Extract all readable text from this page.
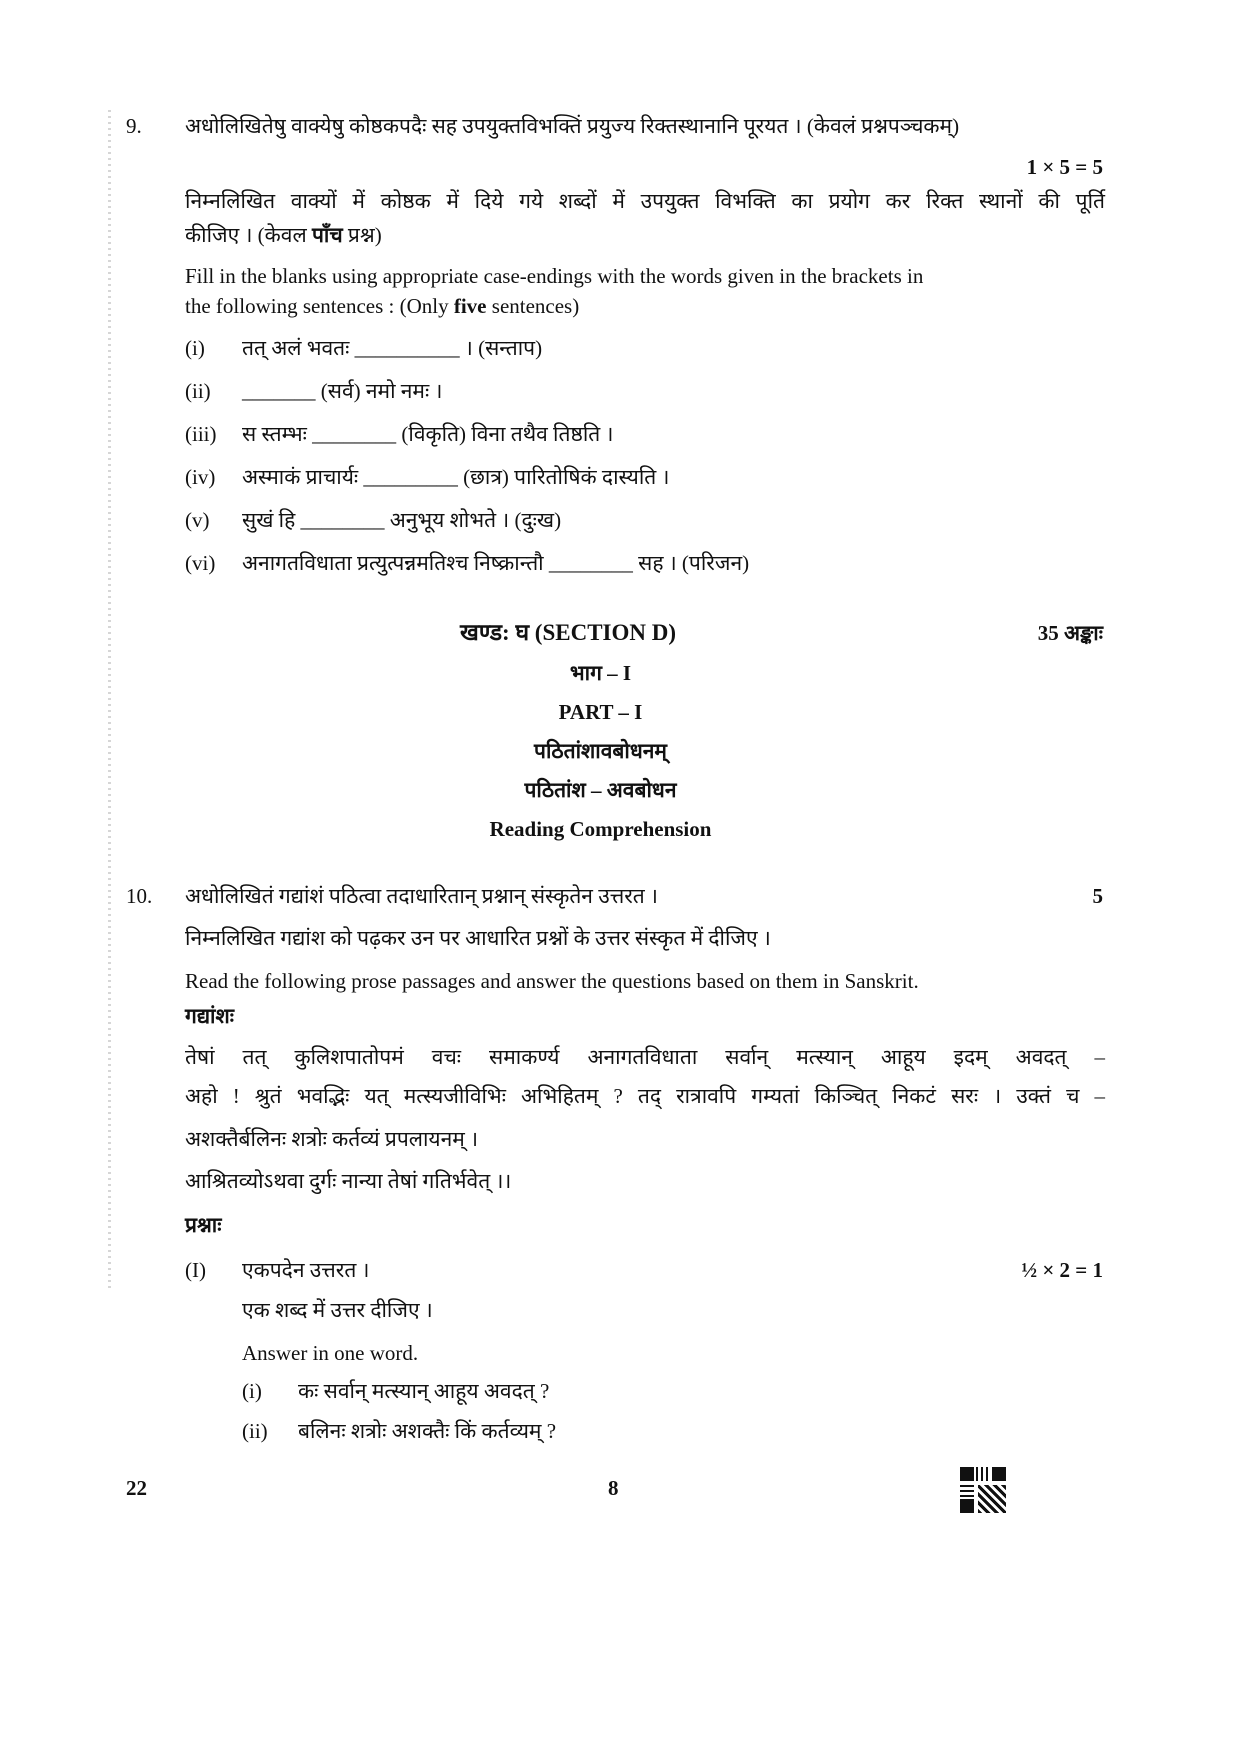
9. अधोलिखितेषु वाक्येषु कोष्ठकपदैः सह उपयुक्तविभक्तिं प्रयुज्य रिक्तस्थानानि पूरयत । (केवलं प्रश्नपञ्चकम्)
1 × 5 = 5
निम्नलिखित वाक्यों में कोष्ठक में दिये गये शब्दों में उपयुक्त विभक्ति का प्रयोग कर रिक्त स्थानों की पूर्ति
कीजिए । (केवल पाँच प्रश्न)
Fill in the blanks using appropriate case-endings with the words given in the brackets in
the following sentences : (Only five sentences)
(i) तत् अलं भवतः __________ । (सन्ताप)
(ii) _______ (सर्व) नमो नमः ।
(iii) स स्तम्भः ________ (विकृति) विना तथैव तिष्ठति ।
(iv) अस्माकं प्राचार्यः _________ (छात्र) पारितोषिकं दास्यति ।
(v) सुखं हि ________ अनुभूय शोभते । (दुःख)
(vi) अनागतविधाता प्रत्युत्पन्नमतिश्च निष्क्रान्तौ ________ सह । (परिजन)
खण्ड: घ (SECTION D)	35 अङ्काः
भाग – I
PART – I
पठितांशावबोधनम्
पठितांश – अवबोधन
Reading Comprehension
10. अधोलिखितं गद्यांशं पठित्वा तदाधारितान् प्रश्नान् संस्कृतेन उत्तरत ।	5
निम्नलिखित गद्यांश को पढ़कर उन पर आधारित प्रश्नों के उत्तर संस्कृत में दीजिए ।
Read the following prose passages and answer the questions based on them in Sanskrit.
गद्यांशः
तेषां तत् कुलिशपातोपमं वचः समाकर्ण्य अनागतविधाता सर्वान् मत्स्यान् आहूय इदम् अवदत् –
अहो ! श्रुतं भवद्भिः यत् मत्स्यजीविभिः अभिहितम् ? तद् रात्रावपि गम्यतां किञ्चित् निकटं सरः । उक्तं च –
अशक्तैर्बलिनः शत्रोः कर्तव्यं प्रपलायनम् ।
आश्रितव्योऽथवा दुर्गः नान्या तेषां गतिर्भवेत् ।।
प्रश्नाः
(I) एकपदेन उत्तरत ।	½ × 2 = 1
एक शब्द में उत्तर दीजिए ।
Answer in one word.
(i) कः सर्वान् मत्स्यान् आहूय अवदत् ?
(ii) बलिनः शत्रोः अशक्तैः किं कर्तव्यम् ?
22	8
